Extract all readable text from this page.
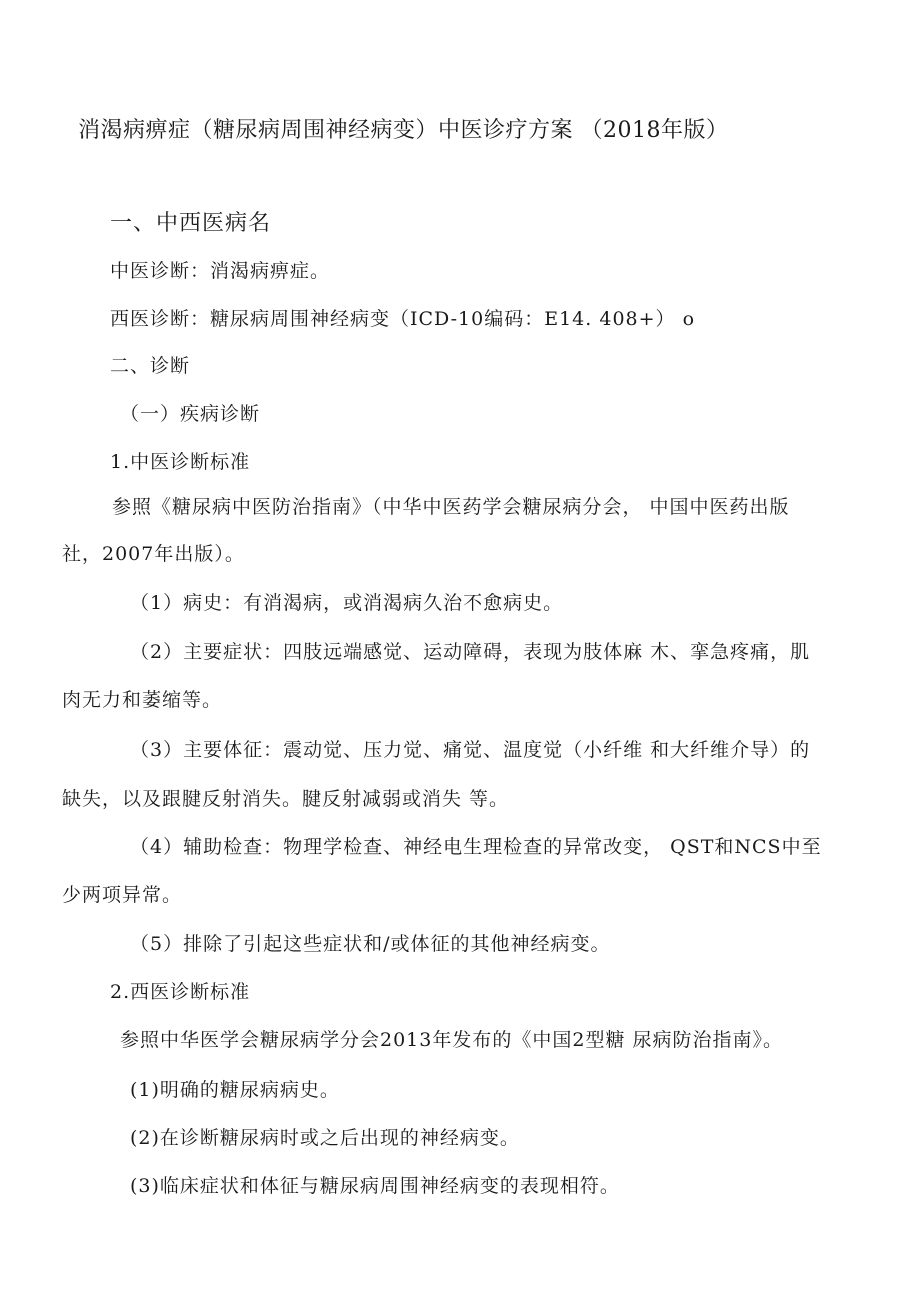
消渴病痹症（糖尿病周围神经病变）中医诊疗方案 （2018年版）
一、中西医病名
中医诊断：消渴病痹症。
西医诊断：糖尿病周围神经病变（ICD-10编码：E14. 408+） o
二、诊断
（一）疾病诊断
1.中医诊断标准
参照《糖尿病中医防治指南》（中华中医药学会糖尿病分会， 中国中医药出版
社，2007年出版）。
（1）病史：有消渴病，或消渴病久治不愈病史。
（2）主要症状：四肢远端感觉、运动障碍，表现为肢体麻 木、挛急疼痛，肌
肉无力和萎缩等。
（3）主要体征：震动觉、压力觉、痛觉、温度觉（小纤维 和大纤维介导）的
缺失，以及跟腱反射消失。腱反射减弱或消失 等。
（4）辅助检查：物理学检查、神经电生理检查的异常改变， QST和NCS中至
少两项异常。
（5）排除了引起这些症状和/或体征的其他神经病变。
2.西医诊断标准
参照中华医学会糖尿病学分会2013年发布的《中国2型糖 尿病防治指南》。
(1)明确的糖尿病病史。
(2)在诊断糖尿病时或之后出现的神经病变。
(3)临床症状和体征与糖尿病周围神经病变的表现相符。
